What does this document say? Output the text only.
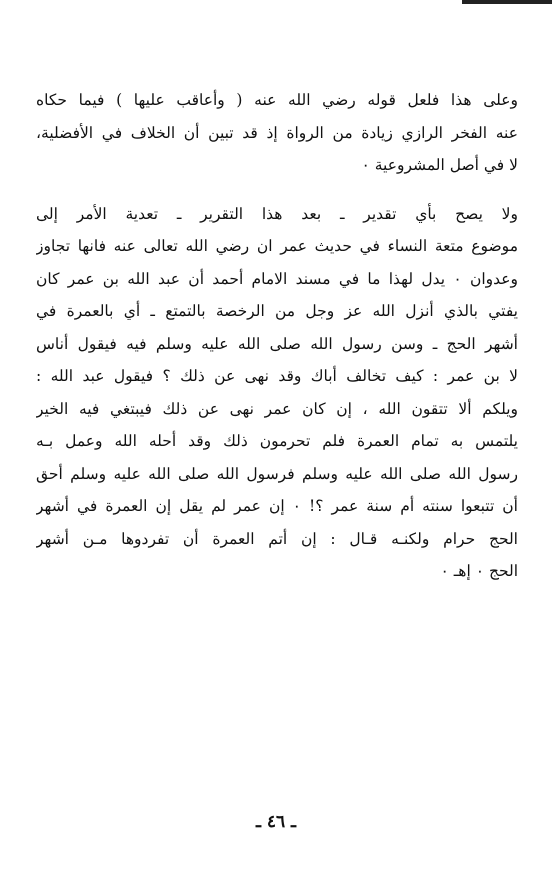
وعلى هذا فلعل قوله رضي الله عنه ( وأعاقب عليها ) فيما حكاه
عنه الفخر الرازي زيادة من الرواة إذ قد تبين أن الخلاف في الأفضلية،
لا في أصل المشروعية ٠
ولا يصح بأي تقدير ـ بعد هذا التقرير ـ تعدية الأمر إلى
موضوع متعة النساء في حديث عمر ان رضي الله تعالى عنه فانها تجاوز
وعدوان ٠ يدل لهذا ما في مسند الامام أحمد أن عبد الله بن عمر كان
يفتي بالذي أنزل الله عز وجل من الرخصة بالتمتع ـ أي بالعمرة في
أشهر الحج ـ وسن رسول الله صلى الله عليه وسلم فيه فيقول أناس
لا بن عمر : كيف تخالف أباك وقد نهى عن ذلك ؟ فيقول عبد الله :
ويلكم ألا تتقون الله ، إن كان عمر نهى عن ذلك فيبتغي فيه الخير
يلتمس به تمام العمرة فلم تحرمون ذلك وقد أحله الله وعمل بـه
رسول الله صلى الله عليه وسلم فرسول الله صلى الله عليه وسلم أحق
أن تتبعوا سنته أم سنة عمر ؟! ٠ إن عمر لم يقل إن العمرة في أشهر
الحج حرام ولكنـه قـال : إن أتم العمرة أن تفردوها مـن أشهر
الحج ٠ إهـ ٠
ـ ٤٦ ـ
